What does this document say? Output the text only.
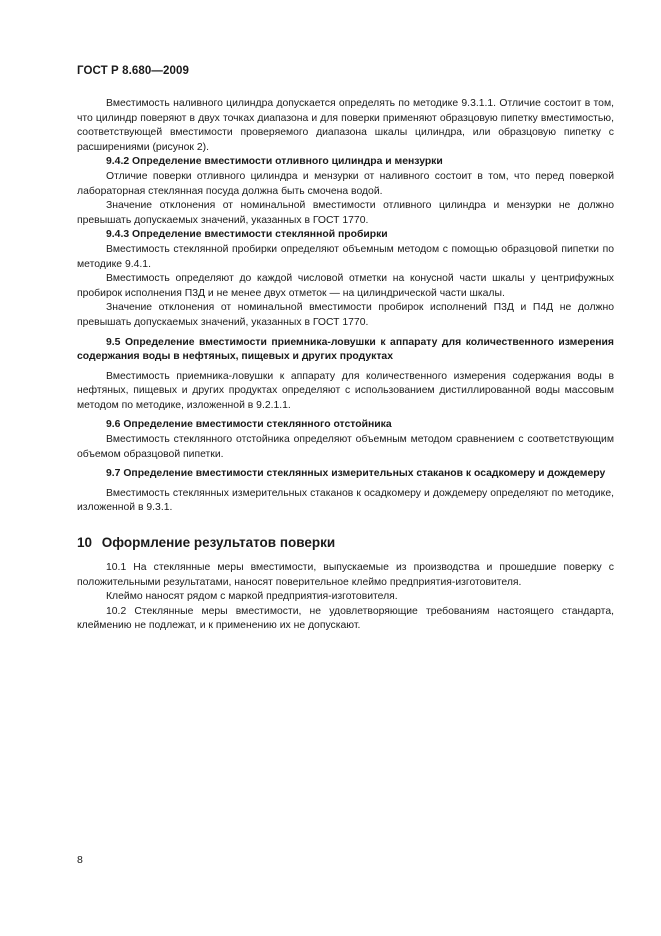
ГОСТ Р 8.680—2009

Вместимость наливного цилиндра допускается определять по методике 9.3.1.1. Отличие состоит в том, что цилиндр поверяют в двух точках диапазона и для поверки применяют образцовую пипетку вместимостью, соответствующей вместимости проверяемого диапазона шкалы цилиндра, или образцовую пипетку с расширениями (рисунок 2).

9.4.2 Определение вместимости отливного цилиндра и мензурки

Отличие поверки отливного цилиндра и мензурки от наливного состоит в том, что перед поверкой лабораторная стеклянная посуда должна быть смочена водой.

Значение отклонения от номинальной вместимости отливного цилиндра и мензурки не должно превышать допускаемых значений, указанных в ГОСТ 1770.

9.4.3 Определение вместимости стеклянной пробирки

Вместимость стеклянной пробирки определяют объемным методом с помощью образцовой пипетки по методике 9.4.1.

Вместимость определяют до каждой числовой отметки на конусной части шкалы у центрифужных пробирок исполнения П3Д и не менее двух отметок — на цилиндрической части шкалы.

Значение отклонения от номинальной вместимости пробирок исполнений П3Д и П4Д не должно превышать допускаемых значений, указанных в ГОСТ 1770.

9.5 Определение вместимости приемника-ловушки к аппарату для количественного измерения содержания воды в нефтяных, пищевых и других продуктах

Вместимость приемника-ловушки к аппарату для количественного измерения содержания воды в нефтяных, пищевых и других продуктах определяют с использованием дистиллированной воды массовым методом по методике, изложенной в 9.2.1.1.

9.6 Определение вместимости стеклянного отстойника

Вместимость стеклянного отстойника определяют объемным методом сравнением с соответствующим объемом образцовой пипетки.

9.7 Определение вместимости стеклянных измерительных стаканов к осадкомеру и дождемеру

Вместимость стеклянных измерительных стаканов к осадкомеру и дождемеру определяют по методике, изложенной в 9.3.1.

10 Оформление результатов поверки

10.1 На стеклянные меры вместимости, выпускаемые из производства и прошедшие поверку с положительными результатами, наносят поверительное клеймо предприятия-изготовителя.

Клеймо наносят рядом с маркой предприятия-изготовителя.

10.2 Стеклянные меры вместимости, не удовлетворяющие требованиям настоящего стандарта, клеймению не подлежат, и к применению их не допускают.

8
